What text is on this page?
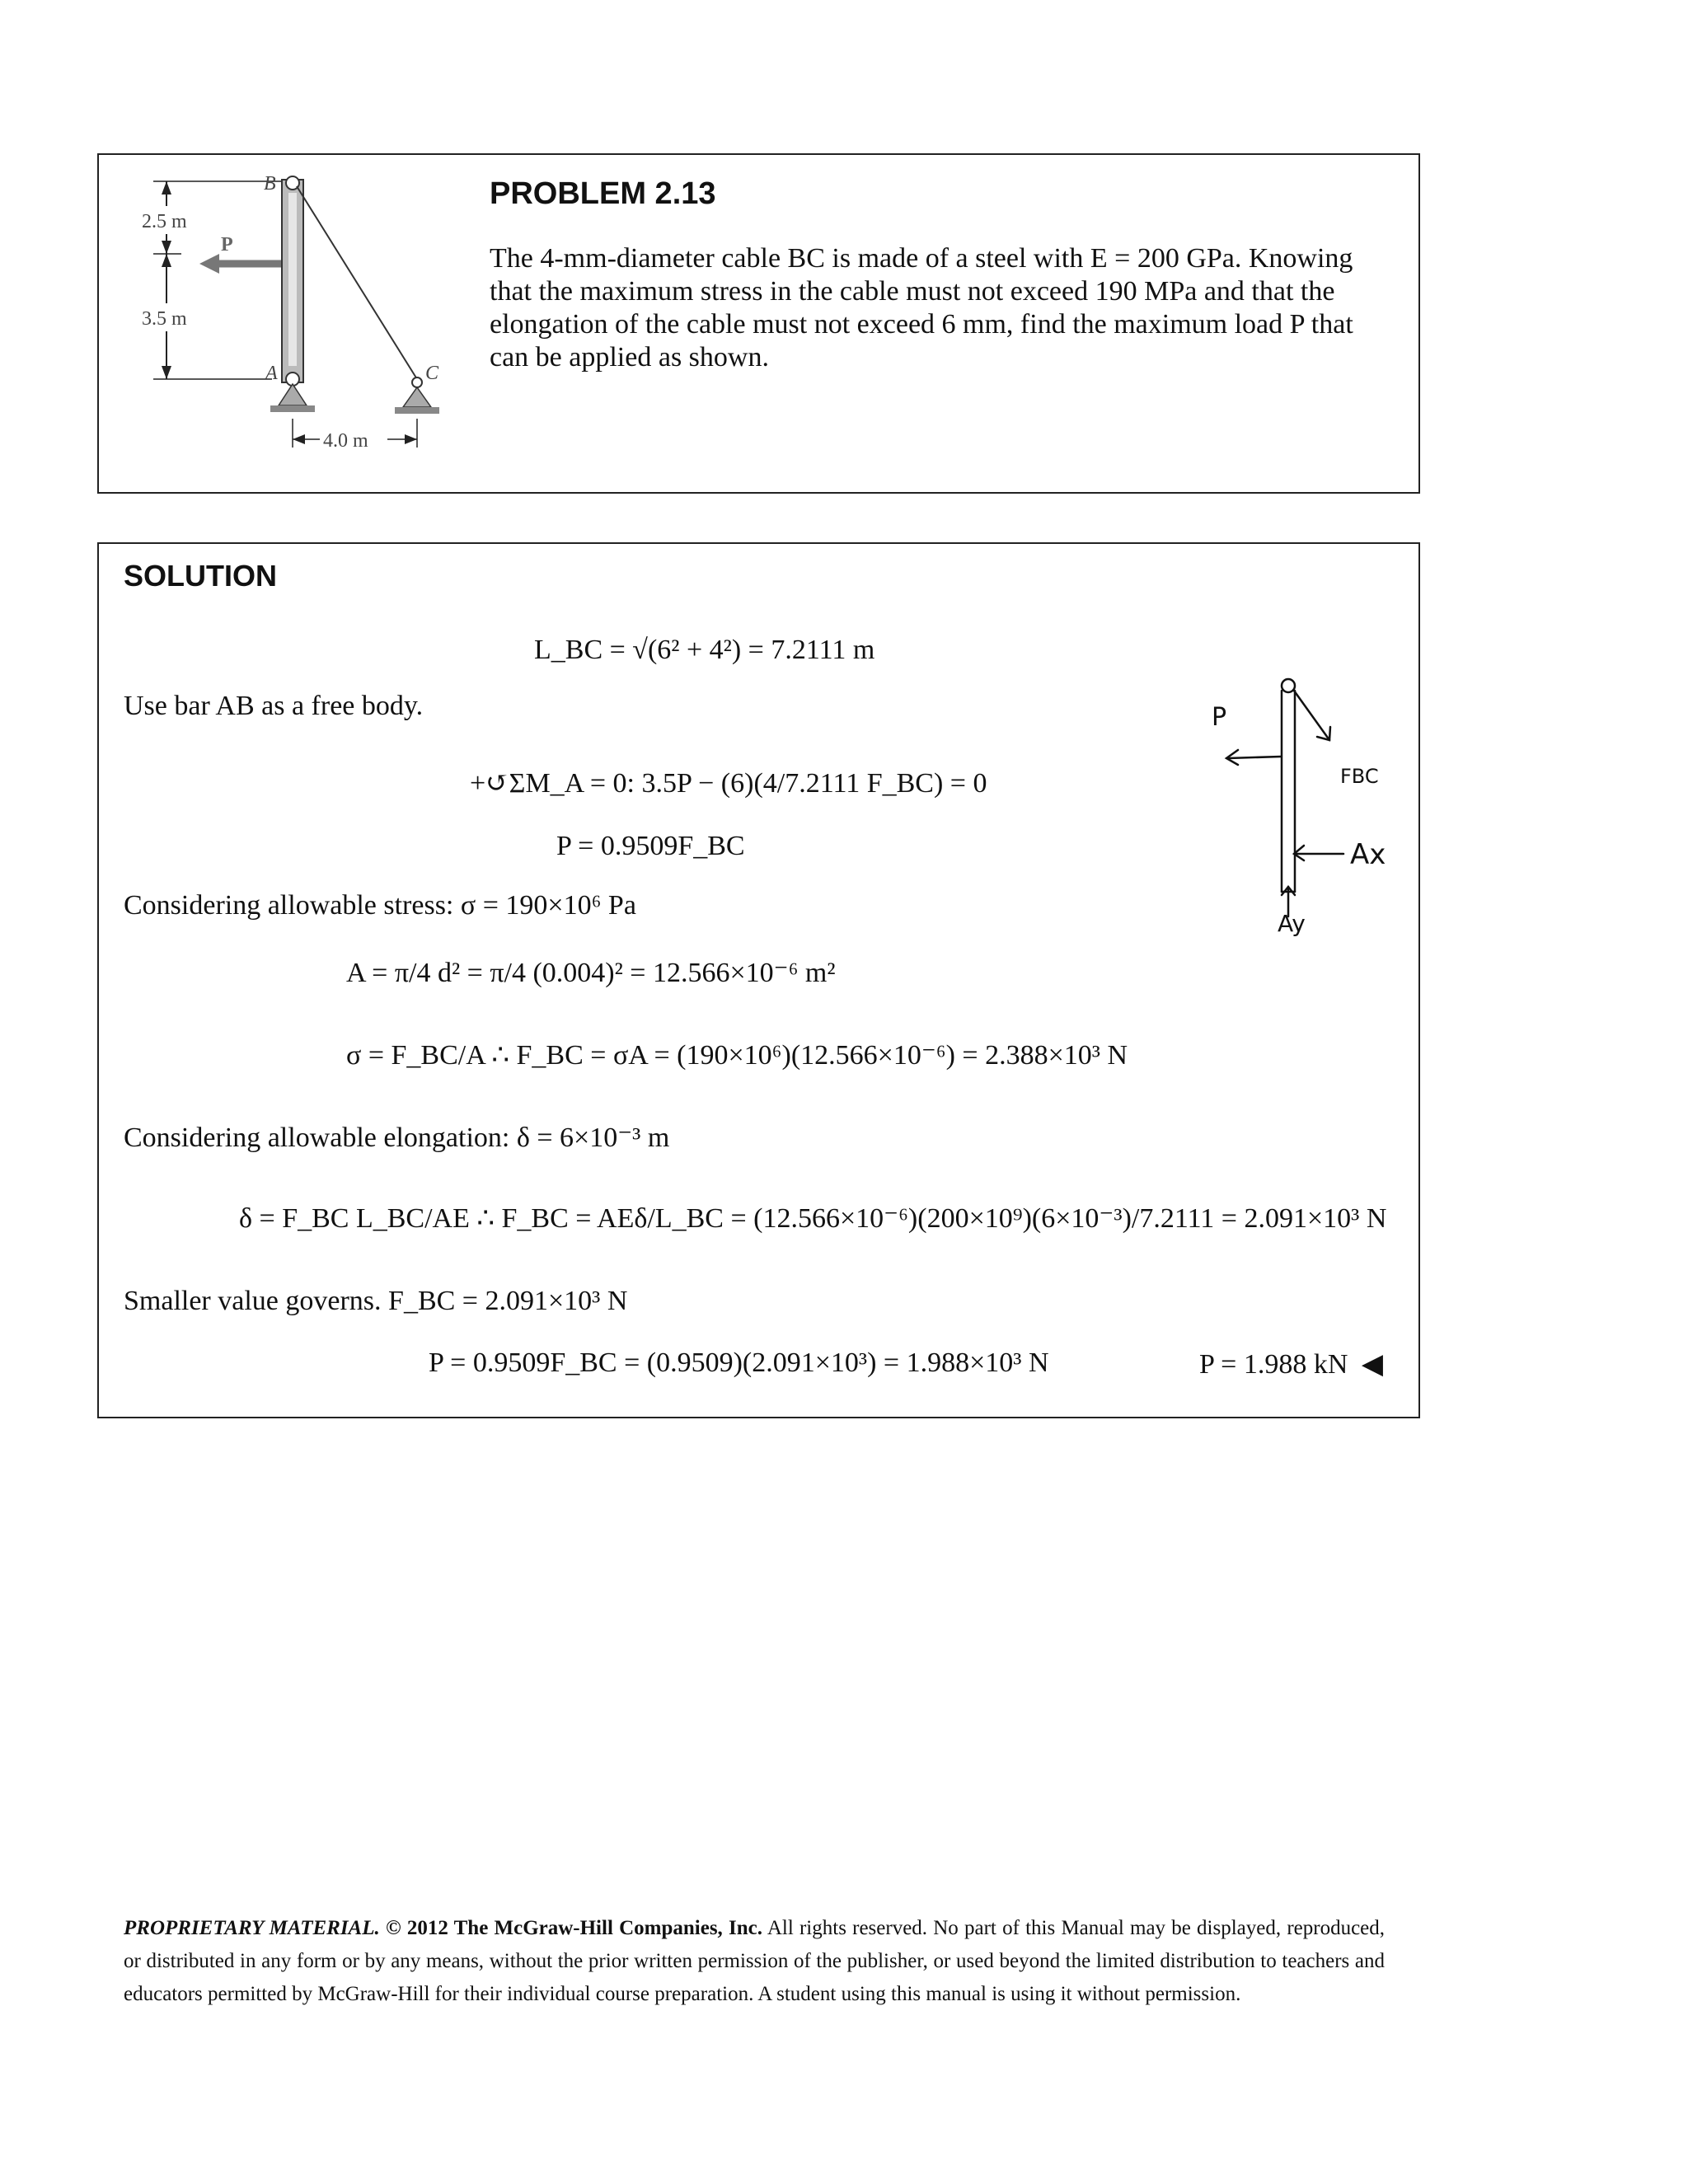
2.5 m
3.5 m
P
B
A	C
4.0 m
PROBLEM 2.13
The 4-mm-diameter cable BC is made of a steel with E = 200 GPa. Knowing
that the maximum stress in the cable must not exceed 190 MPa and that the
elongation of the cable must not exceed 6 mm, find the maximum load P that
can be applied as shown.
SOLUTION
L_BC = √(6² + 4²) = 7.2111 m
Use bar AB as a free body.
+↺ΣM_A = 0: 3.5P − (6)(4/7.2111 F_BC) = 0
P = 0.9509F_BC
Considering allowable stress: σ = 190×10⁶ Pa
A = π/4 d² = π/4 (0.004)² = 12.566×10⁻⁶ m²
σ = F_BC/A ∴ F_BC = σA = (190×10⁶)(12.566×10⁻⁶) = 2.388×10³ N
Considering allowable elongation: δ = 6×10⁻³ m
δ = F_BC L_BC/AE ∴ F_BC = AEδ/L_BC = (12.566×10⁻⁶)(200×10⁹)(6×10⁻³)/7.2111 = 2.091×10³ N
Smaller value governs. F_BC = 2.091×10³ N
P = 0.9509F_BC = (0.9509)(2.091×10³) = 1.988×10³ N	P = 1.988 kN ◀
P
FBC
Ax
Ay
PROPRIETARY MATERIAL. © 2012 The McGraw-Hill Companies, Inc. All rights reserved. No part of this Manual may be displayed, reproduced, or distributed in any form or by any means, without the prior written permission of the publisher, or used beyond the limited distribution to teachers and educators permitted by McGraw-Hill for their individual course preparation. A student using this manual is using it without permission.
